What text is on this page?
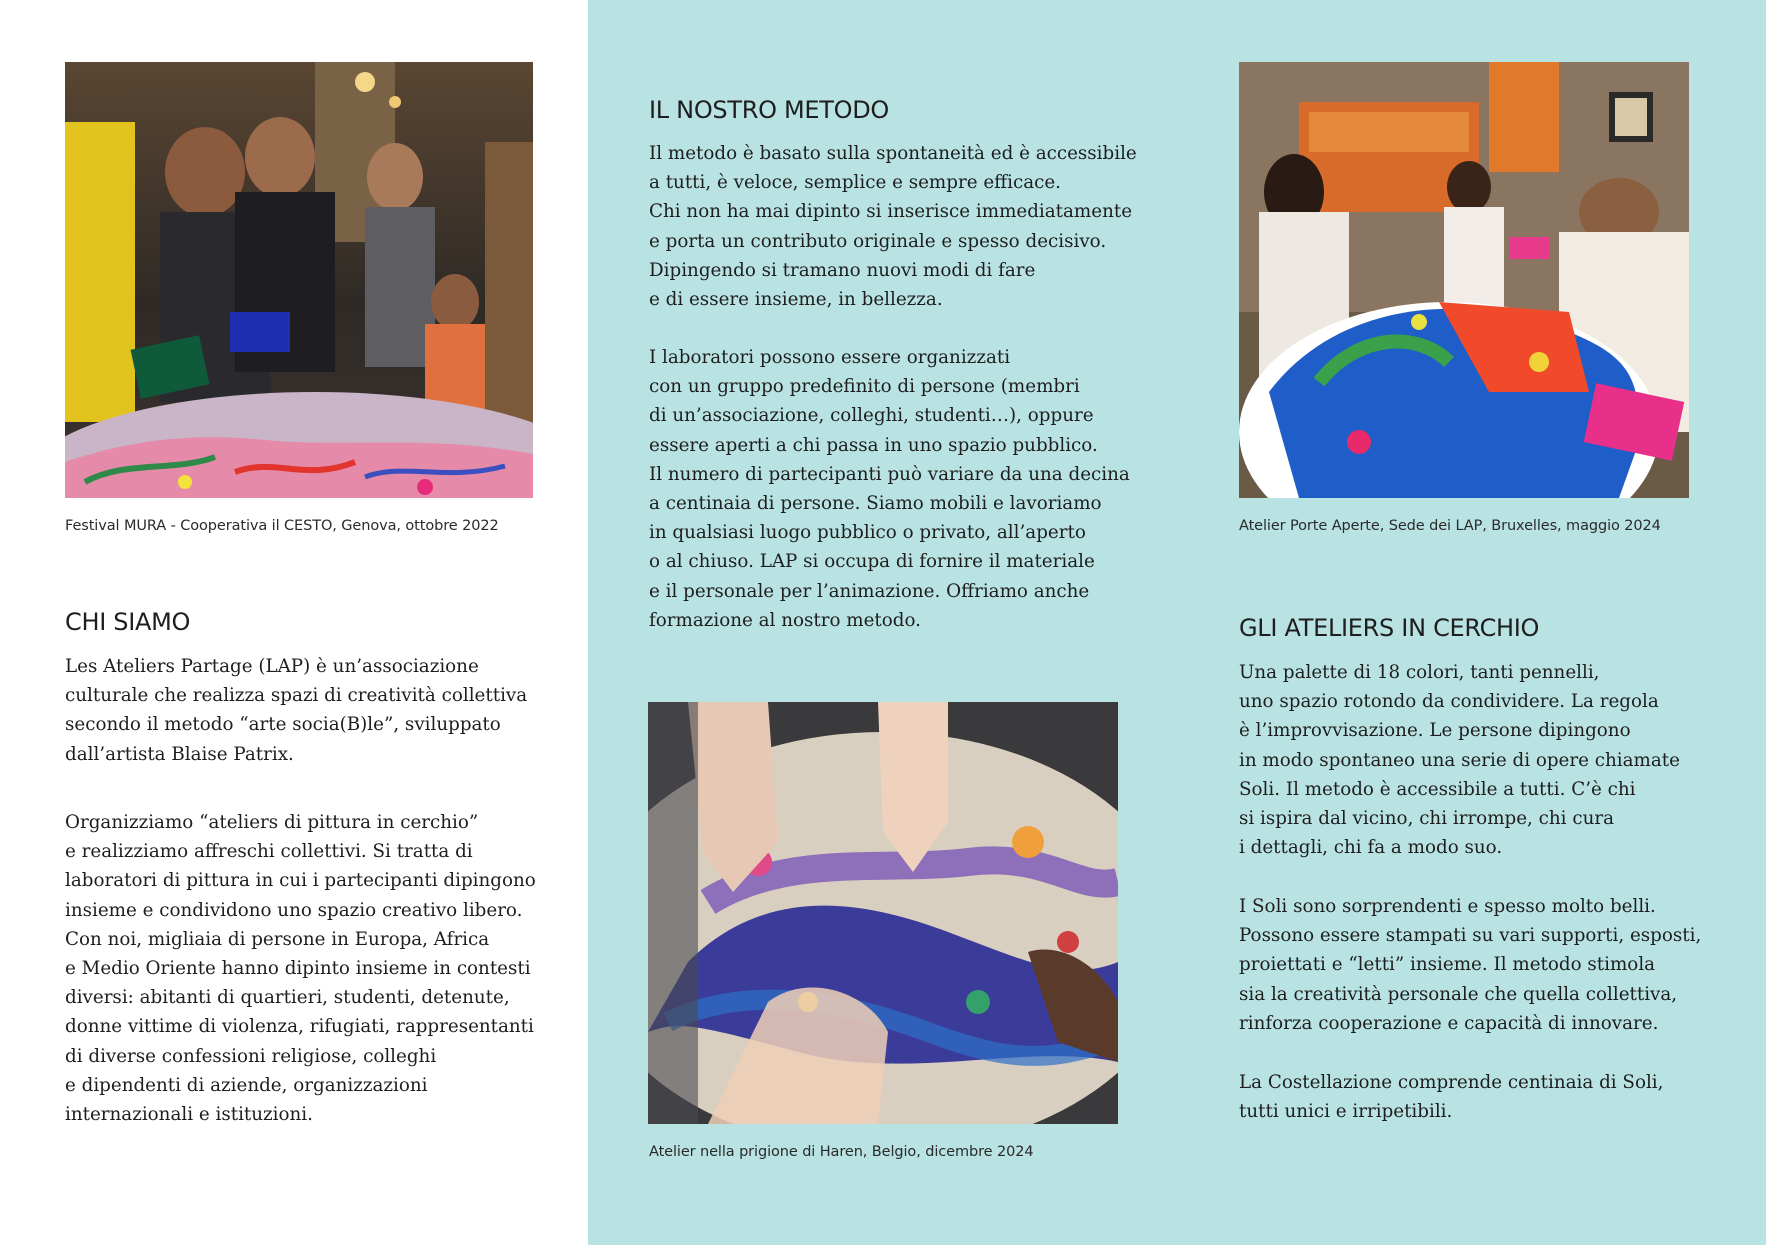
Festival MURA - Cooperativa il CESTO, Genova, ottobre 2022
CHI SIAMO

Les Ateliers Partage (LAP) è un’associazione
culturale che realizza spazi di creatività collettiva
secondo il metodo “arte socia(B)le”, sviluppato
dall’artista Blaise Patrix.

Organizziamo “ateliers di pittura in cerchio”
e realizziamo affreschi collettivi. Si tratta di
laboratori di pittura in cui i partecipanti dipingono
insieme e condividono uno spazio creativo libero.
Con noi, migliaia di persone in Europa, Africa
e Medio Oriente hanno dipinto insieme in contesti
diversi: abitanti di quartieri, studenti, detenute,
donne vittime di violenza, rifugiati, rappresentanti
di diverse confessioni religiose, colleghi
e dipendenti di aziende, organizzazioni
internazionali e istituzioni.

IL NOSTRO METODO

Il metodo è basato sulla spontaneità ed è accessibile
a tutti, è veloce, semplice e sempre efficace.
Chi non ha mai dipinto si inserisce immediatamente
e porta un contributo originale e spesso decisivo.
Dipingendo si tramano nuovi modi di fare
e di essere insieme, in bellezza.

I laboratori possono essere organizzati
con un gruppo predefinito di persone (membri
di un’associazione, colleghi, studenti…), oppure
essere aperti a chi passa in uno spazio pubblico.
Il numero di partecipanti può variare da una decina
a centinaia di persone. Siamo mobili e lavoriamo
in qualsiasi luogo pubblico o privato, all’aperto
o al chiuso. LAP si occupa di fornire il materiale
e il personale per l’animazione. Offriamo anche
formazione al nostro metodo.

Atelier nella prigione di Haren, Belgio, dicembre 2024
Atelier Porte Aperte, Sede dei LAP, Bruxelles, maggio 2024
GLI ATELIERS IN CERCHIO

Una palette di 18 colori, tanti pennelli,
uno spazio rotondo da condividere. La regola
è l’improvvisazione. Le persone dipingono
in modo spontaneo una serie di opere chiamate
Soli. Il metodo è accessibile a tutti. C’è chi
si ispira dal vicino, chi irrompe, chi cura
i dettagli, chi fa a modo suo.

I Soli sono sorprendenti e spesso molto belli.
Possono essere stampati su vari supporti, esposti,
proiettati e “letti” insieme. Il metodo stimola
sia la creatività personale che quella collettiva,
rinforza cooperazione e capacità di innovare.

La Costellazione comprende centinaia di Soli,
tutti unici e irripetibili.
